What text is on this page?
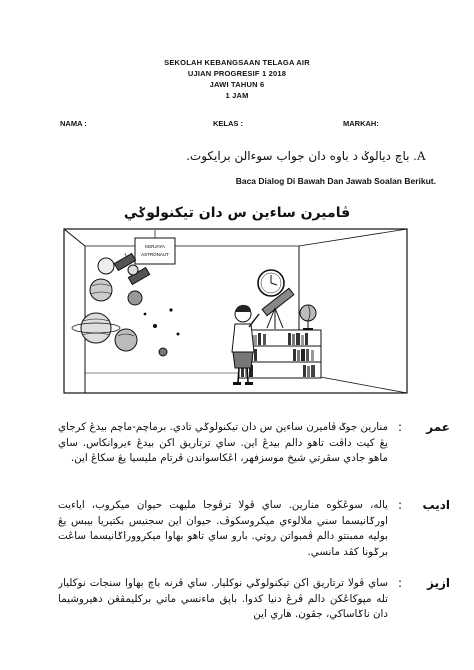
SEKOLAH KEBANGSAAN TELAGA AIR
UJIAN PROGRESIF 1 2018
JAWI TAHUN 6
1 JAM
NAMA :	KELAS :	MARKAH:
A. باچ ديالوݢ د باوه دان جواب سوءالن برايكوت.
Baca Dialog Di Bawah Dan Jawab Soalan Berikut.
ڤاميرن ساءين س دان تيكنولوݢي
KERJAYA
ASTRONAUT
عمر
:
منارين جوݢ ڤاميرن ساءين س دان تيكنولوݢي تادي. برماچم-ماچم بيدڠ كرجاي يڠ كيت داڤت تاهو دالم بيدڠ اين. ساي ترتاريق اكن بيدڠ ءيروانكاس. ساي ماهو جادي سڤرتي شيخ موسزفهر، اڠكاسواندن ڤرتام مليسيا يڠ سكاڠ اين.
اديب
:
ياله، سوڠڬوه منارين. ساي ڤولا ترڤوجا مليهت حيوان ميكروب، اياءيت اورݢانيسما سني ملالوءي ميكروسكوڤ. حيوان اين سجنيس بكتيريا بيبس يڠ بوليه ممبنتو دالم ڤمبواتن روتي. بارو ساي تاهو بهاوا ميكرووراݢانيسما ساڠت برݢونا كڤد مانسي.
ازيز
:
ساي ڤولا ترتاريق اكن تيكنولوݢي نوكليار. ساي ڤرنه باچ بهاوا سنجات نوكليار تله مڽوكاڠكن دالم ڤرڠ دنيا كدوا. باڽق ماءنسي ماتي بركليمڤڠن دهيروشيما دان ناݢاساكي، جڤون. هاري اين
